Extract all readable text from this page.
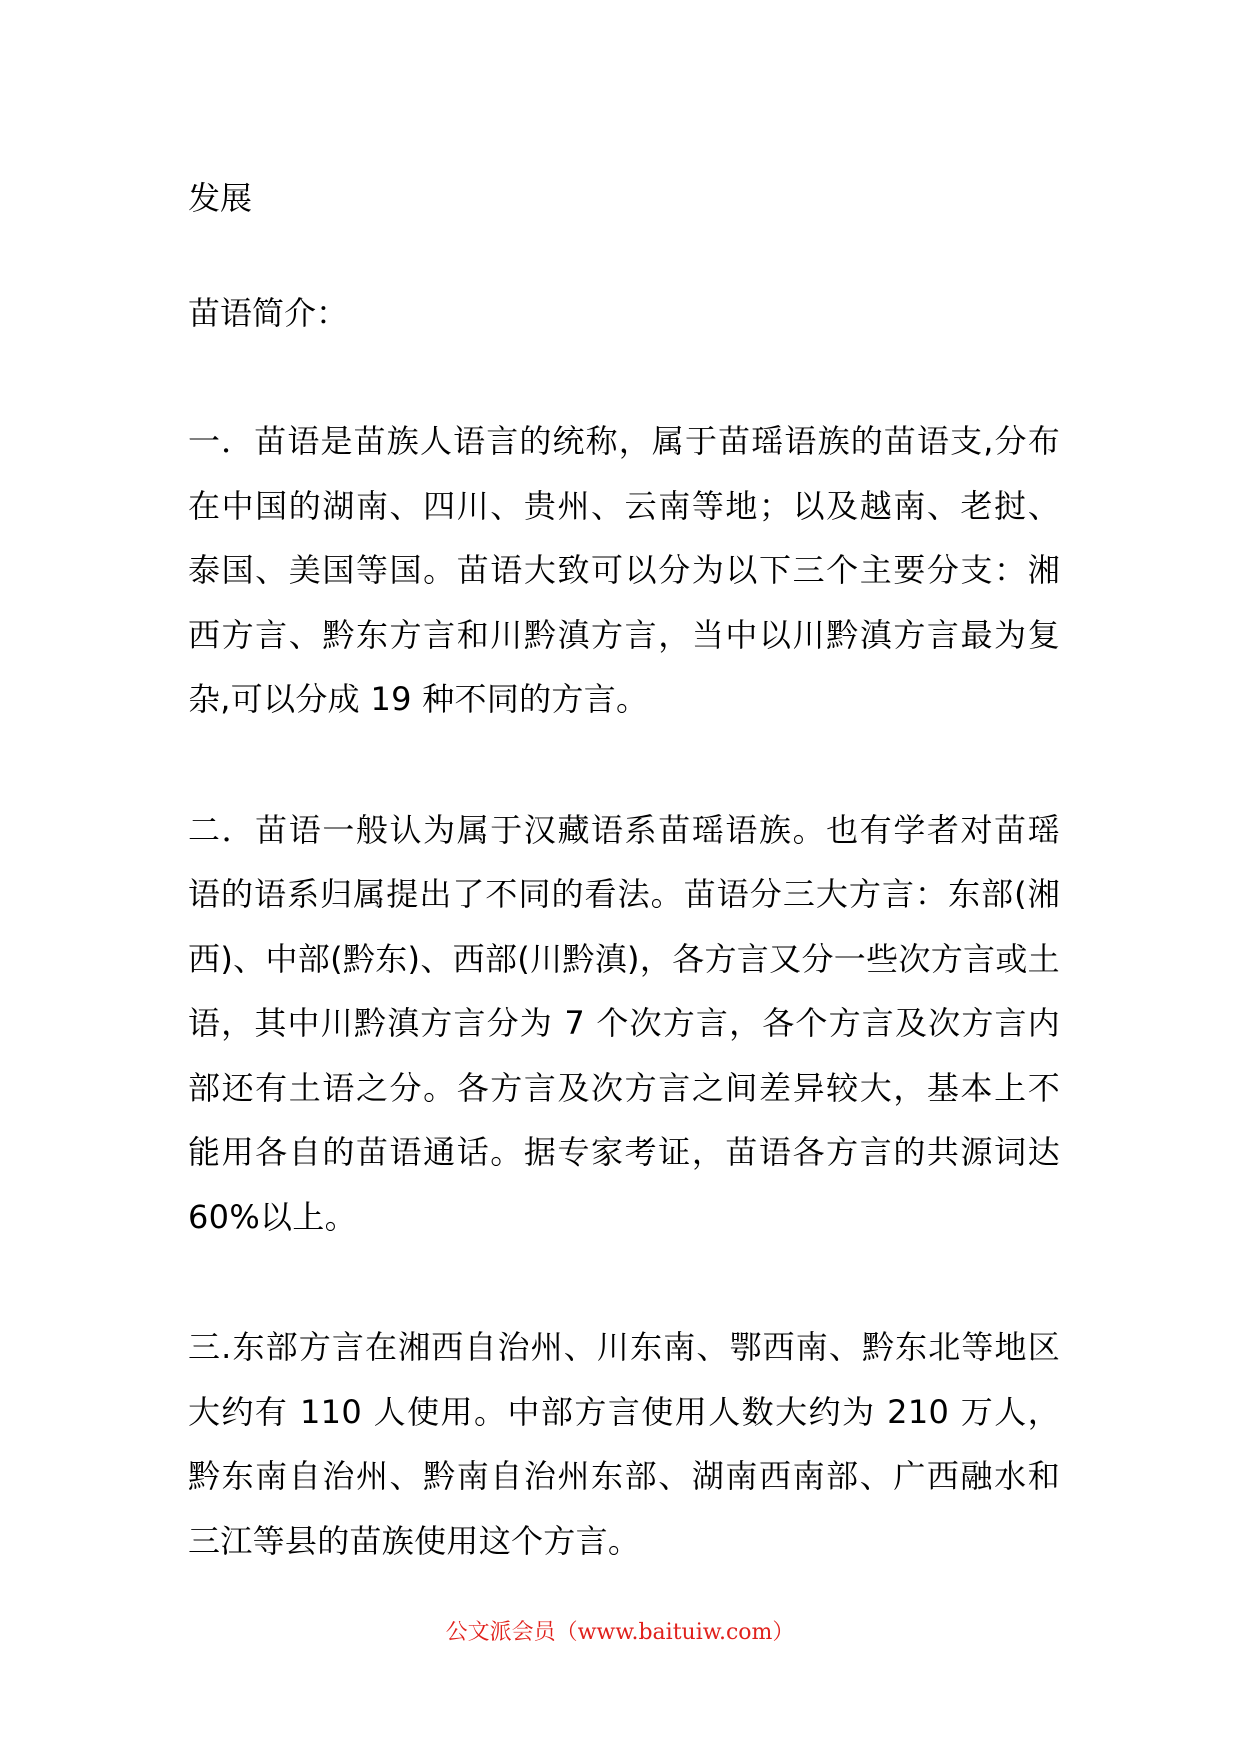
发展

苗语简介：

一．苗语是苗族人语言的统称，属于苗瑶语族的苗语支,分布在中国的湖南、四川、贵州、云南等地；以及越南、老挝、泰国、美国等国。苗语大致可以分为以下三个主要分支：湘西方言、黔东方言和川黔滇方言，当中以川黔滇方言最为复杂,可以分成 19 种不同的方言。

二．苗语一般认为属于汉藏语系苗瑶语族。也有学者对苗瑶语的语系归属提出了不同的看法。苗语分三大方言：东部(湘西)、中部(黔东)、西部(川黔滇)，各方言又分一些次方言或土语，其中川黔滇方言分为 7 个次方言，各个方言及次方言内部还有土语之分。各方言及次方言之间差异较大，基本上不能用各自的苗语通话。据专家考证，苗语各方言的共源词达 60%以上。

三.东部方言在湘西自治州、川东南、鄂西南、黔东北等地区大约有 110 人使用。中部方言使用人数大约为 210 万人，黔东南自治州、黔南自治州东部、湖南西南部、广西融水和三江等县的苗族使用这个方言。

公文派会员（www.baituiw.com）
